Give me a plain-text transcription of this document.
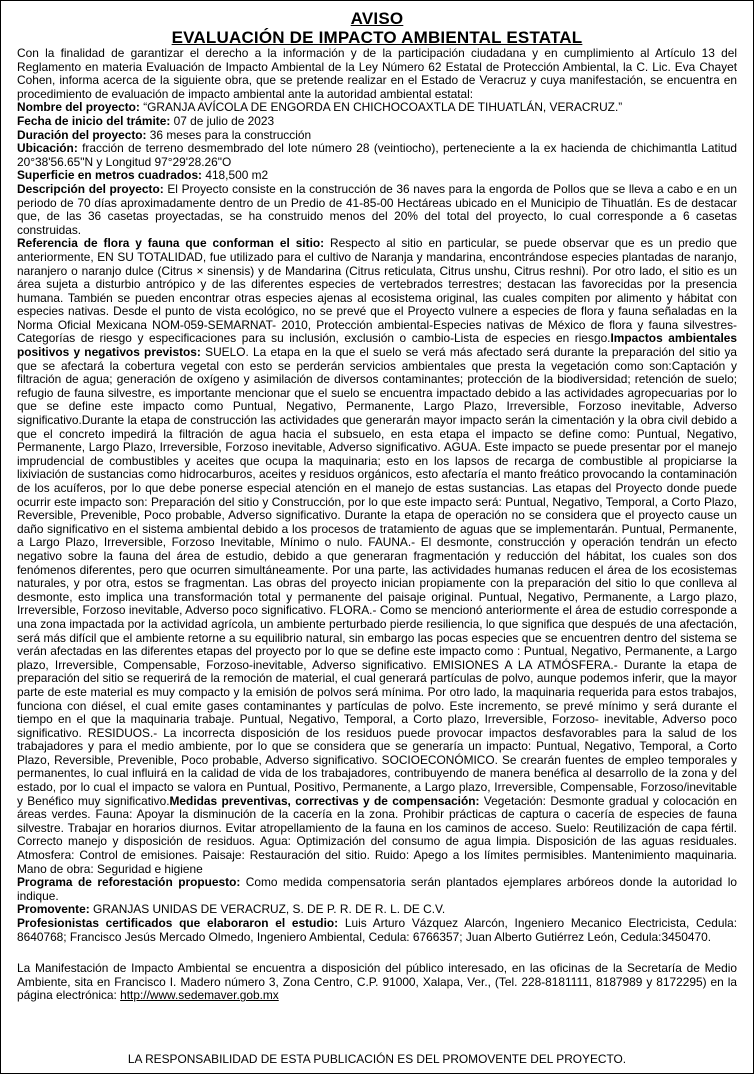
AVISO
EVALUACIÓN DE IMPACTO AMBIENTAL ESTATAL

Con la finalidad de garantizar el derecho a la información y de la participación ciudadana y en cumplimiento al Artículo 13 del Reglamento en materia Evaluación de Impacto Ambiental de la Ley Número 62 Estatal de Protección Ambiental, la C. Lic. Eva Chayet Cohen, informa acerca de la siguiente obra, que se pretende realizar en el Estado de Veracruz y cuya manifestación, se encuentra en procedimiento de evaluación de impacto ambiental ante la autoridad ambiental estatal:

Nombre del proyecto: “GRANJA AVÍCOLA DE ENGORDA EN CHICHOCOAXTLA DE TIHUATLÁN, VERACRUZ.”

Fecha de inicio del trámite: 07 de julio de 2023

Duración del proyecto: 36 meses para la construcción

Ubicación: fracción de terreno desmembrado del lote número 28 (veintiocho), perteneciente a la ex hacienda de chichimantla Latitud 20°38'56.65"N y Longitud 97°29'28.26"O

Superficie en metros cuadrados: 418,500 m2

Descripción del proyecto: El Proyecto consiste en la construcción de 36 naves para la engorda de Pollos que se lleva a cabo e en un periodo de 70 días aproximadamente dentro de un Predio de 41-85-00 Hectáreas ubicado en el Municipio de Tihuatlán. Es de destacar que, de las 36 casetas proyectadas, se ha construido menos del 20% del total del proyecto, lo cual corresponde a 6 casetas construidas.

Referencia de flora y fauna que conforman el sitio: Respecto al sitio en particular, se puede observar que es un predio que anteriormente, EN SU TOTALIDAD, fue utilizado para el cultivo de Naranja y mandarina, encontrándose especies plantadas de naranjo, naranjero o naranjo dulce (Citrus × sinensis) y de Mandarina (Citrus reticulata, Citrus unshu, Citrus reshni). Por otro lado, el sitio es un área sujeta a disturbio antrópico y de las diferentes especies de vertebrados terrestres; destacan las favorecidas por la presencia humana. También se pueden encontrar otras especies ajenas al ecosistema original, las cuales compiten por alimento y hábitat con especies nativas. Desde el punto de vista ecológico, no se prevé que el Proyecto vulnere a especies de flora y fauna señaladas en la Norma Oficial Mexicana NOM-059-SEMARNAT- 2010, Protección ambiental-Especies nativas de México de flora y fauna silvestres- Categorías de riesgo y especificaciones para su inclusión, exclusión o cambio-Lista de especies en riesgo.Impactos ambientales positivos y negativos previstos: SUELO. La etapa en la que el suelo se verá más afectado será durante la preparación del sitio ya que se afectará la cobertura vegetal con esto se perderán servicios ambientales que presta la vegetación como son:Captación y filtración de agua; generación de oxígeno y asimilación de diversos contaminantes; protección de la biodiversidad; retención de suelo; refugio de fauna silvestre, es importante mencionar que el suelo se encuentra impactado debido a las actividades agropecuarias por lo que se define este impacto como Puntual, Negativo, Permanente, Largo Plazo, Irreversible, Forzoso inevitable, Adverso significativo.Durante la etapa de construcción las actividades que generarán mayor impacto serán la cimentación y la obra civil debido a que el concreto impedirá la filtración de agua hacia el subsuelo, en esta etapa el impacto se define como: Puntual, Negativo, Permanente, Largo Plazo, Irreversible, Forzoso inevitable, Adverso significativo. AGUA. Este impacto se puede presentar por el manejo imprudencial de combustibles y aceites que ocupa la maquinaria; esto en los lapsos de recarga de combustible al propiciarse la lixiviación de sustancias como hidrocarburos, aceites y residuos orgánicos, esto afectaría el manto freático provocando la contaminación de los acuíferos, por lo que debe ponerse especial atención en el manejo de estas sustancias. Las etapas del Proyecto donde puede ocurrir este impacto son: Preparación del sitio y Construcción, por lo que este impacto será: Puntual, Negativo, Temporal, a Corto Plazo, Reversible, Prevenible, Poco probable, Adverso significativo. Durante la etapa de operación no se considera que el proyecto cause un daño significativo en el sistema ambiental debido a los procesos de tratamiento de aguas que se implementarán. Puntual, Permanente, a Largo Plazo, Irreversible, Forzoso Inevitable, Mínimo o nulo. FAUNA.- El desmonte, construcción y operación tendrán un efecto negativo sobre la fauna del área de estudio, debido a que generaran fragmentación y reducción del hábitat, los cuales son dos fenómenos diferentes, pero que ocurren simultáneamente. Por una parte, las actividades humanas reducen el área de los ecosistemas naturales, y por otra, estos se fragmentan. Las obras del proyecto inician propiamente con la preparación del sitio lo que conlleva al desmonte, esto implica una transformación total y permanente del paisaje original. Puntual, Negativo, Permanente, a Largo plazo, Irreversible, Forzoso inevitable, Adverso poco significativo. FLORA.- Como se mencionó anteriormente el área de estudio corresponde a una zona impactada por la actividad agrícola, un ambiente perturbado pierde resiliencia, lo que significa que después de una afectación, será más difícil que el ambiente retorne a su equilibrio natural, sin embargo las pocas especies que se encuentren dentro del sistema se verán afectadas en las diferentes etapas del proyecto por lo que se define este impacto como : Puntual, Negativo, Permanente, a Largo plazo, Irreversible, Compensable, Forzoso-inevitable, Adverso significativo. EMISIONES A LA ATMÓSFERA.- Durante la etapa de preparación del sitio se requerirá de la remoción de material, el cual generará partículas de polvo, aunque podemos inferir, que la mayor parte de este material es muy compacto y la emisión de polvos será mínima. Por otro lado, la maquinaria requerida para estos trabajos, funciona con diésel, el cual emite gases contaminantes y partículas de polvo. Este incremento, se prevé mínimo y será durante el tiempo en el que la maquinaria trabaje. Puntual, Negativo, Temporal, a Corto plazo, Irreversible, Forzoso- inevitable, Adverso poco significativo. RESIDUOS.- La incorrecta disposición de los residuos puede provocar impactos desfavorables para la salud de los trabajadores y para el medio ambiente, por lo que se considera que se generaría un impacto: Puntual, Negativo, Temporal, a Corto Plazo, Reversible, Prevenible, Poco probable, Adverso significativo. SOCIOECONÓMICO. Se crearán fuentes de empleo temporales y permanentes, lo cual influirá en la calidad de vida de los trabajadores, contribuyendo de manera benéfica al desarrollo de la zona y del estado, por lo cual el impacto se valora en Puntual, Positivo, Permanente, a Largo plazo, Irreversible, Compensable, Forzoso/inevitable y Benéfico muy significativo.Medidas preventivas, correctivas y de compensación: Vegetación: Desmonte gradual y colocación en áreas verdes. Fauna: Apoyar la disminución de la cacería en la zona. Prohibir prácticas de captura o cacería de especies de fauna silvestre. Trabajar en horarios diurnos. Evitar atropellamiento de la fauna en los caminos de acceso. Suelo: Reutilización de capa fértil. Correcto manejo y disposición de residuos. Agua: Optimización del consumo de agua limpia. Disposición de las aguas residuales. Atmosfera: Control de emisiones. Paisaje: Restauración del sitio. Ruido: Apego a los límites permisibles. Mantenimiento maquinaria. Mano de obra: Seguridad e higiene

Programa de reforestación propuesto: Como medida compensatoria serán plantados ejemplares arbóreos donde la autoridad lo indique.

Promovente: GRANJAS UNIDAS DE VERACRUZ, S. DE P. R. DE R. L. DE C.V.

Profesionistas certificados que elaboraron el estudio: Luis Arturo Vázquez Alarcón, Ingeniero Mecanico Electricista, Cedula: 8640768; Francisco Jesús Mercado Olmedo, Ingeniero Ambiental, Cedula: 6766357; Juan Alberto Gutiérrez León, Cedula:3450470.

La Manifestación de Impacto Ambiental se encuentra a disposición del público interesado, en las oficinas de la Secretaría de Medio Ambiente, sita en Francisco I. Madero número 3, Zona Centro, C.P. 91000, Xalapa, Ver., (Tel. 228-8181111, 8187989 y 8172295) en la página electrónica: http://www.sedemaver.gob.mx

LA RESPONSABILIDAD DE ESTA PUBLICACIÓN ES DEL PROMOVENTE DEL PROYECTO.
